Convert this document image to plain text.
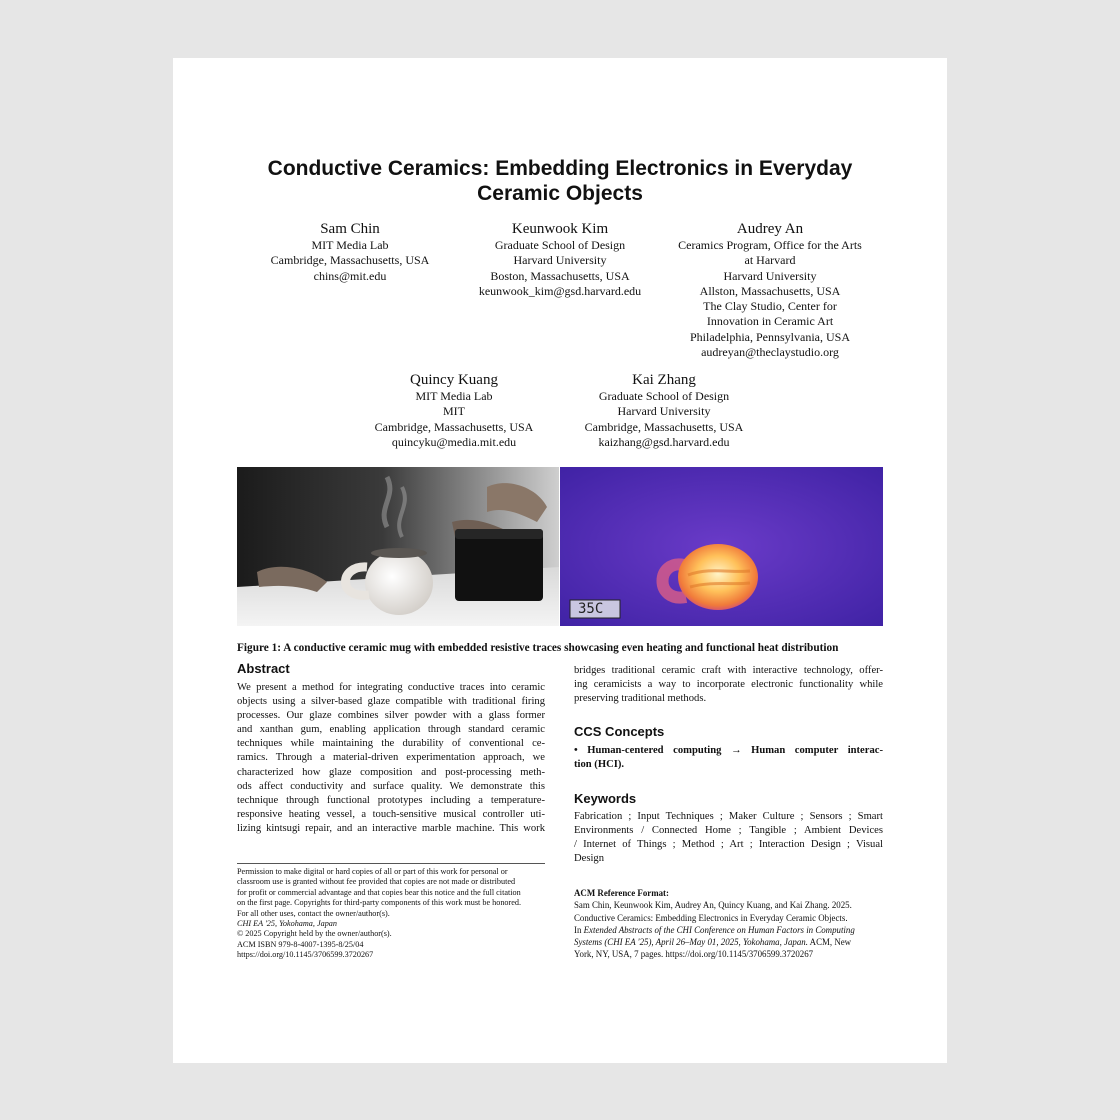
Conductive Ceramics: Embedding Electronics in Everyday Ceramic Objects
Sam Chin
MIT Media Lab
Cambridge, Massachusetts, USA
chins@mit.edu
Keunwook Kim
Graduate School of Design
Harvard University
Boston, Massachusetts, USA
keunwook_kim@gsd.harvard.edu
Audrey An
Ceramics Program, Office for the Arts
at Harvard
Harvard University
Allston, Massachusetts, USA
The Clay Studio, Center for
Innovation in Ceramic Art
Philadelphia, Pennsylvania, USA
audreyan@theclaystudio.org
Quincy Kuang
MIT Media Lab
MIT
Cambridge, Massachusetts, USA
quincyku@media.mit.edu
Kai Zhang
Graduate School of Design
Harvard University
Cambridge, Massachusetts, USA
kaizhang@gsd.harvard.edu
35C
Figure 1: A conductive ceramic mug with embedded resistive traces showcasing even heating and functional heat distribution
Abstract
We present a method for integrating conductive traces into ceramic
objects using a silver-based glaze compatible with traditional firing
processes. Our glaze combines silver powder with a glass former
and xanthan gum, enabling application through standard ceramic
techniques while maintaining the durability of conventional ce-
ramics. Through a material-driven experimentation approach, we
characterized how glaze composition and post-processing meth-
ods affect conductivity and surface quality. We demonstrate this
technique through functional prototypes including a temperature-
responsive heating vessel, a touch-sensitive musical controller uti-
lizing kintsugi repair, and an interactive marble machine. This work
Permission to make digital or hard copies of all or part of this work for personal or
classroom use is granted without fee provided that copies are not made or distributed
for profit or commercial advantage and that copies bear this notice and the full citation
on the first page. Copyrights for third-party components of this work must be honored.
For all other uses, contact the owner/author(s).
CHI EA '25, Yokohama, Japan
© 2025 Copyright held by the owner/author(s).
ACM ISBN 979-8-4007-1395-8/25/04
https://doi.org/10.1145/3706599.3720267
bridges traditional ceramic craft with interactive technology, offer-
ing ceramicists a way to incorporate electronic functionality while
preserving traditional methods.
CCS Concepts
• Human-centered computing → Human computer interac-
tion (HCI).
Keywords
Fabrication ; Input Techniques ; Maker Culture ; Sensors ; Smart
Environments / Connected Home ; Tangible ; Ambient Devices
/ Internet of Things ; Method ; Art ; Interaction Design ; Visual
Design
ACM Reference Format:
Sam Chin, Keunwook Kim, Audrey An, Quincy Kuang, and Kai Zhang. 2025.
Conductive Ceramics: Embedding Electronics in Everyday Ceramic Objects.
In Extended Abstracts of the CHI Conference on Human Factors in Computing
Systems (CHI EA '25), April 26–May 01, 2025, Yokohama, Japan. ACM, New
York, NY, USA, 7 pages. https://doi.org/10.1145/3706599.3720267
